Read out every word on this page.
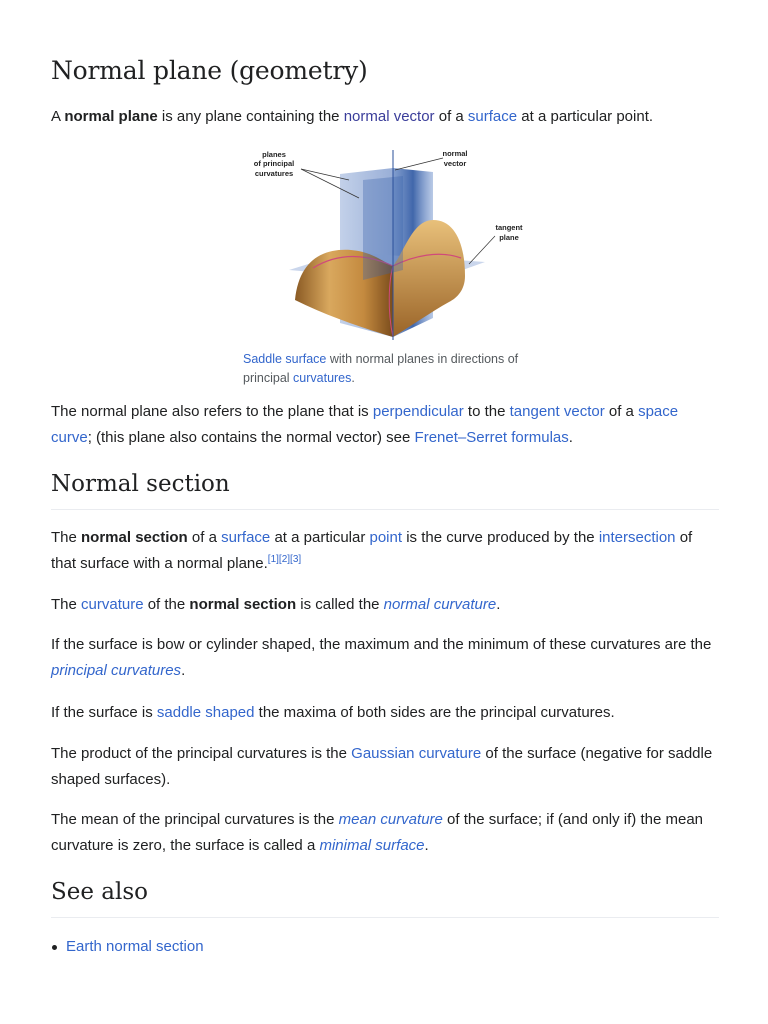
Normal plane (geometry)

A normal plane is any plane containing the normal vector of a surface at a particular point.

The normal plane also refers to the plane that is perpendicular to the tangent vector of a space curve; (this plane also contains the normal vector) see Frenet–Serret formulas.

Normal section

The normal section of a surface at a particular point is the curve produced by the intersection of that surface with a normal plane.[1][2][3]

The curvature of the normal section is called the normal curvature.

If the surface is bow or cylinder shaped, the maximum and the minimum of these curvatures are the principal curvatures.

If the surface is saddle shaped the maxima of both sides are the principal curvatures.

The product of the principal curvatures is the Gaussian curvature of the surface (negative for saddle shaped surfaces).

The mean of the principal curvatures is the mean curvature of the surface; if (and only if) the mean curvature is zero, the surface is called a minimal surface.

See also
Earth normal section
planes
of principal
curvatures
normal
vector
tangent
plane
Saddle surface with normal planes in directions of principal curvatures.
